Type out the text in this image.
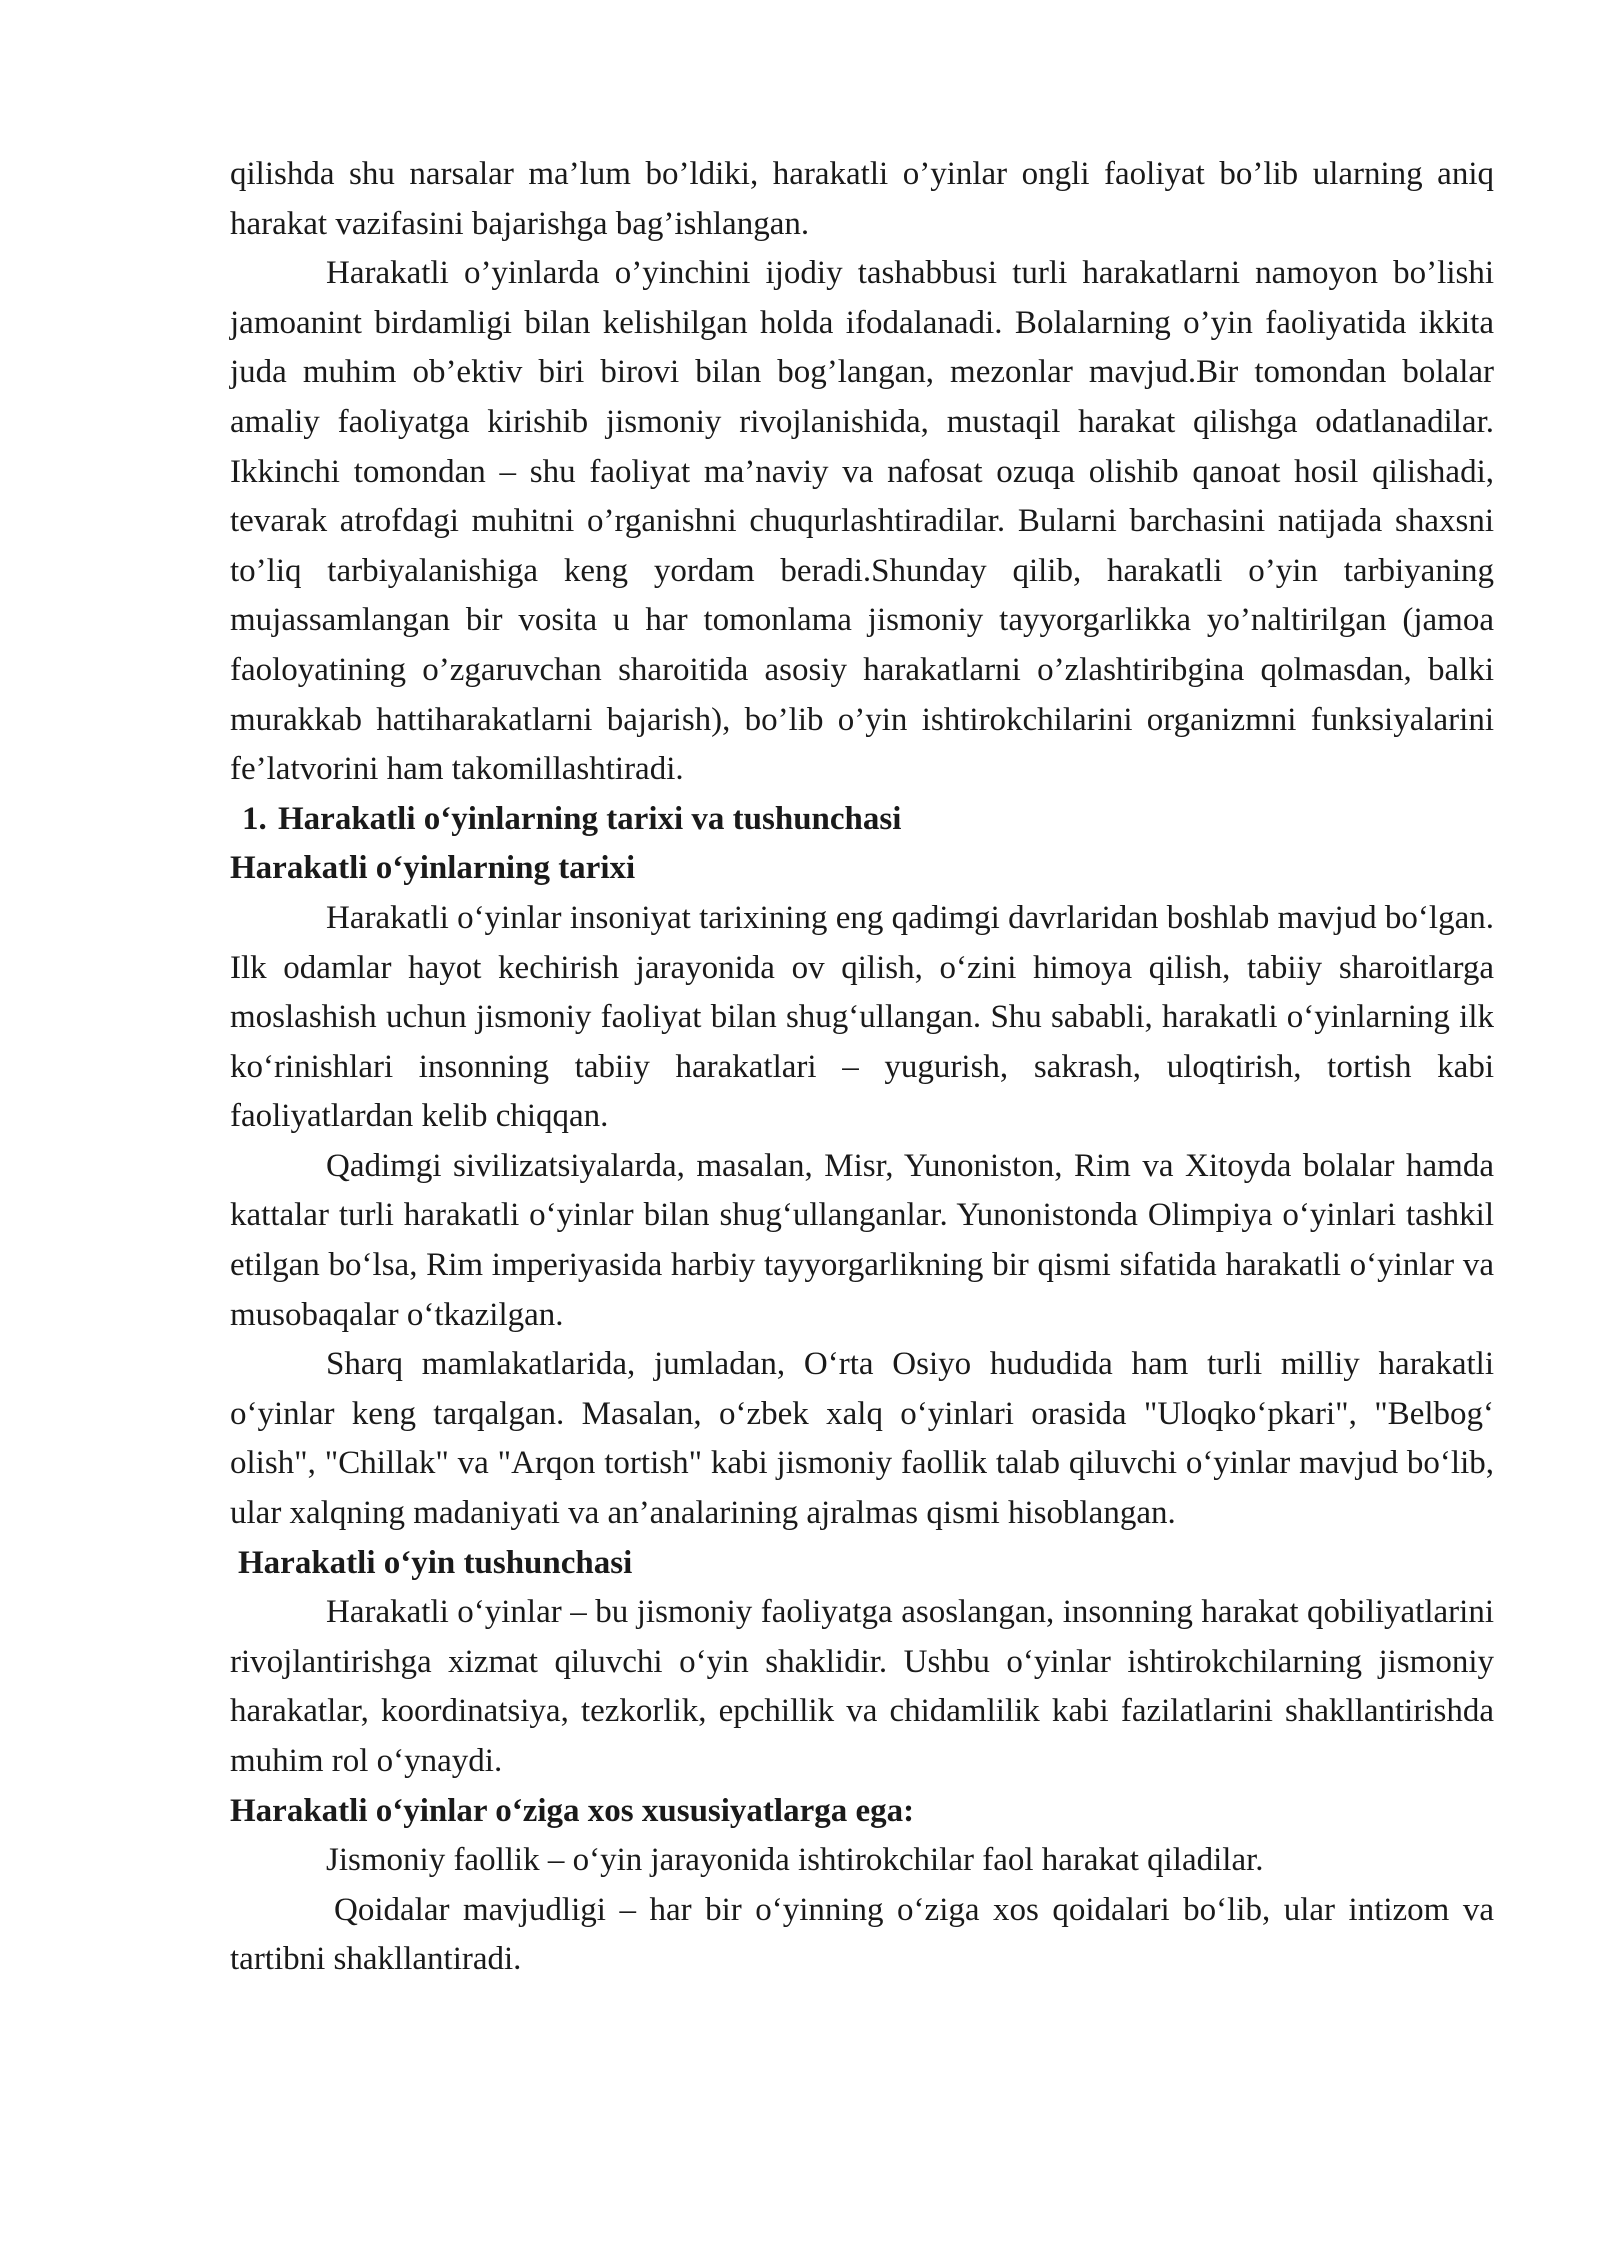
qilishda shu narsalar ma’lum bo’ldiki, harakatli o’yinlar ongli faoliyat bo’lib ularning aniq harakat vazifasini bajarishga bag’ishlangan.

Harakatli o’yinlarda o’yinchini ijodiy tashabbusi turli harakatlarni namoyon bo’lishi jamoanint birdamligi bilan kelishilgan holda ifodalanadi. Bolalarning o’yin faoliyatida ikkita juda muhim ob’ektiv biri birovi bilan bog’langan, mezonlar mavjud.Bir tomondan bolalar amaliy faoliyatga kirishib jismoniy rivojlanishida, mustaqil harakat qilishga odatlanadilar. Ikkinchi tomondan – shu faoliyat ma’naviy va nafosat ozuqa olishib qanoat hosil qilishadi, tevarak atrofdagi muhitni o’rganishni chuqurlashtiradilar. Bularni barchasini natijada shaxsni to’liq tarbiyalanishiga keng yordam beradi.Shunday qilib, harakatli o’yin tarbiyaning mujassamlangan bir vosita u har tomonlama jismoniy tayyorgarlikka yo’naltirilgan (jamoa faoloyatining o’zgaruvchan sharoitida asosiy harakatlarni o’zlashtiribgina qolmasdan, balki murakkab hattiharakatlarni bajarish), bo’lib o’yin ishtirokchilarini organizmni funksiyalarini fe’latvorini ham takomillashtiradi.

1. Harakatli o‘yinlarning tarixi va tushunchasi

Harakatli o‘yinlarning tarixi

Harakatli o‘yinlar insoniyat tarixining eng qadimgi davrlaridan boshlab mavjud bo‘lgan. Ilk odamlar hayot kechirish jarayonida ov qilish, o‘zini himoya qilish, tabiiy sharoitlarga moslashish uchun jismoniy faoliyat bilan shug‘ullangan. Shu sababli, harakatli o‘yinlarning ilk ko‘rinishlari insonning tabiiy harakatlari – yugurish, sakrash, uloqtirish, tortish kabi faoliyatlardan kelib chiqqan.

Qadimgi sivilizatsiyalarda, masalan, Misr, Yunoniston, Rim va Xitoyda bolalar hamda kattalar turli harakatli o‘yinlar bilan shug‘ullanganlar. Yunonistonda Olimpiya o‘yinlari tashkil etilgan bo‘lsa, Rim imperiyasida harbiy tayyorgarlikning bir qismi sifatida harakatli o‘yinlar va musobaqalar o‘tkazilgan.

Sharq mamlakatlarida, jumladan, O‘rta Osiyo hududida ham turli milliy harakatli o‘yinlar keng tarqalgan. Masalan, o‘zbek xalq o‘yinlari orasida "Uloqko‘pkari", "Belbog‘ olish", "Chillak" va "Arqon tortish" kabi jismoniy faollik talab qiluvchi o‘yinlar mavjud bo‘lib, ular xalqning madaniyati va an’analarining ajralmas qismi hisoblangan.

Harakatli o‘yin tushunchasi

Harakatli o‘yinlar – bu jismoniy faoliyatga asoslangan, insonning harakat qobiliyatlarini rivojlantirishga xizmat qiluvchi o‘yin shaklidir. Ushbu o‘yinlar ishtirokchilarning jismoniy harakatlar, koordinatsiya, tezkorlik, epchillik va chidamlilik kabi fazilatlarini shakllantirishda muhim rol o‘ynaydi.

Harakatli o‘yinlar o‘ziga xos xususiyatlarga ega:

Jismoniy faollik – o‘yin jarayonida ishtirokchilar faol harakat qiladilar.

Qoidalar mavjudligi – har bir o‘yinning o‘ziga xos qoidalari bo‘lib, ular intizom va tartibni shakllantiradi.
